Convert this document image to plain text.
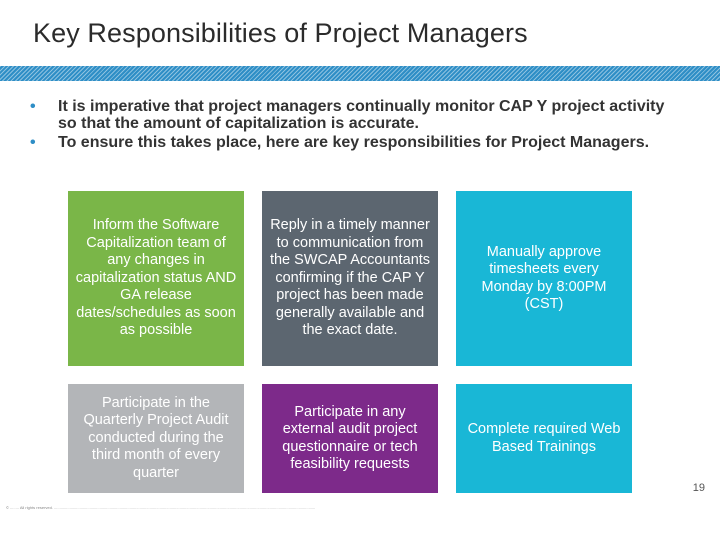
Key Responsibilities of Project Managers
• It is imperative that project managers continually monitor CAP Y project activity so that the amount of capitalization is accurate.
• To ensure this takes place, here are key responsibilities for Project Managers.
Inform the Software Capitalization team of any changes in capitalization status AND GA release dates/schedules as soon as possible
Reply in a timely manner to communication from the SWCAP Accountants confirming if the CAP Y project has been made generally available and the exact date.
Manually approve timesheets every Monday by 8:00PM (CST)
Participate in the Quarterly Project Audit conducted during the third month of every quarter
Participate in any external audit project questionnaire or tech feasibility requests
Complete required Web Based Trainings
19
© ........ All rights reserved. ...........................................................................................................................................................................................................................................
